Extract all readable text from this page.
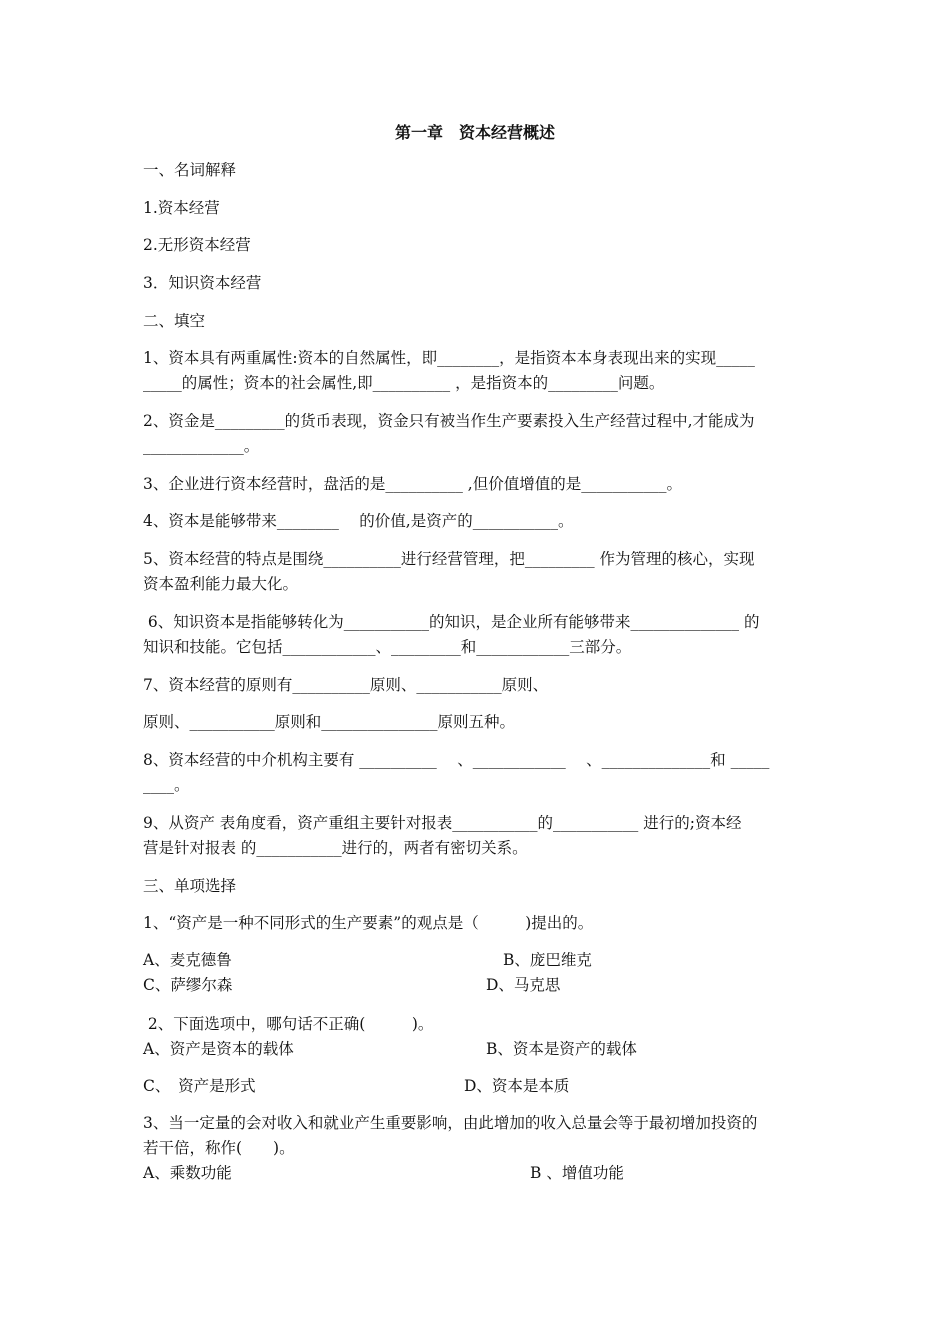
第一章　资本经营概述
一、名词解释
1.资本经营
2.无形资本经营
3．知识资本经营
二、填空
1、资本具有两重属性:资本的自然属性，即________，是指资本本身表现出来的实现_____
_____的属性；资本的社会属性,即__________ ，是指资本的_________问题。
2、资金是_________的货币表现，资金只有被当作生产要素投入生产经营过程中,才能成为
_____________。
3、企业进行资本经营时，盘活的是__________ ,但价值增值的是___________。
4、资本是能够带来________　 的价值,是资产的___________。
5、资本经营的特点是围绕__________进行经营管理，把_________ 作为管理的核心，实现
资本盈利能力最大化。
6、知识资本是指能够转化为___________的知识，是企业所有能够带来______________ 的
知识和技能。它包括____________、_________和____________三部分。
7、资本经营的原则有__________原则、___________原则、
原则、___________原则和_______________原则五种。
8、资本经营的中介机构主要有 __________　 、____________　 、______________和 _____
____。
9、从资产 表角度看，资产重组主要针对报表___________的___________ 进行的;资本经
营是针对报表 的___________进行的，两者有密切关系。
三、单项选择
1、“资产是一种不同形式的生产要素”的观点是（　　　)提出的。
A、麦克德鲁	B、庞巴维克
C、萨缪尔森	D、马克思
2、下面选项中，哪句话不正确(　　　)。
A、资产是资本的载体	B、资本是资产的载体
C、　资产是形式	D、资本是本质
3、当一定量的会对收入和就业产生重要影响，由此增加的收入总量会等于最初增加投资的
若干倍，称作(　　)。
A、乘数功能	B 、增值功能
